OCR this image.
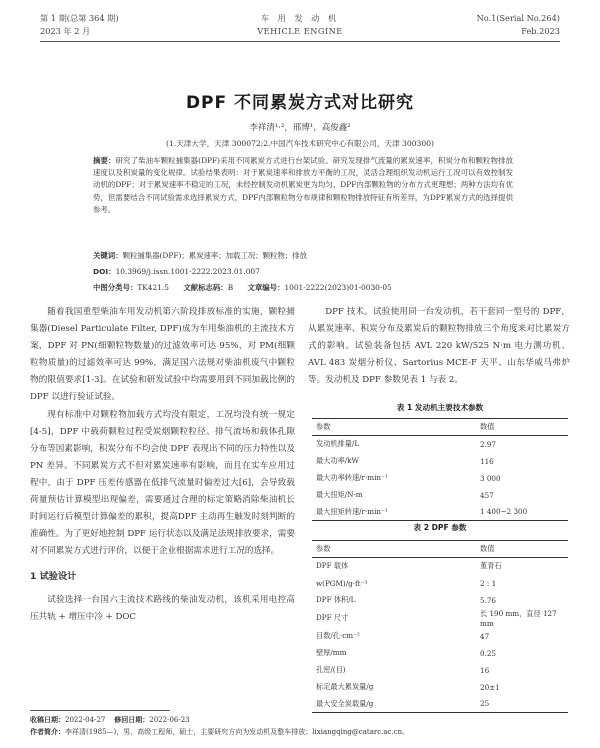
第 1 期(总第 364 期)
2023 年 2 月
车 用 发 动 机
VEHICLE ENGINE
No.1(Serial No.264)
Feb.2023
DPF 不同累炭方式对比研究
李祥清¹·²，邢博¹，高俊鑫²
(1.天津大学，天津 300072;2.中国汽车技术研究中心有限公司，天津 300300)
摘要：研究了柴油车颗粒捕集器(DPF)采用不同累炭方式进行台架试验。研究发现排气流量的累炭速率，积炭分布和颗粒物排放速度以及积炭量的变化规律。试验结果表明：对于累炭速率和排放方平衡的工况，灵活合理组织发动机运行工况可以有效控制发动机的DPF；对于累炭速率不稳定的工况，未经控制发动机累炭更为均匀，DPF内部颗粒物的分布方式更理想；两种方法均有优势，但需要结合不同试验需求选择累炭方式，DPF内部颗粒物分布规律和颗粒物排放特征有所差异，为DPF累炭方式的选择提供参考。
关键词：颗粒捕集器(DPF)；累炭速率；加载工况；颗粒物；排放
DOI：10.3969/j.issn.1001-2222.2023.01.007
中图分类号：TK421.5 文献标志码：B 文章编号：1001-2222(2023)01-0030-05

随着我国重型柴油车用发动机第六阶段排放标准的实施，颗粒捕集器(Diesel Particulate Filter, DPF)成为车用柴油机的主流技术方案，DPF 对 PN(细颗粒物数量)的过滤效率可达 95%，对 PM(细颗粒物质量)的过滤效率可达 99%，满足国六法规对柴油机废气中颗粒物的限值要求[1-3]。在试验和研发试验中均需要用到不同加载比例的 DPF 以进行验证试验。

现有标准中对颗粒物加载方式均没有限定，工况均没有统一规定[4-5]，DPF 中载荷颗粒过程受炭烟颗粒粒径、排气流场和载体孔隙分布等因素影响，积炭分布不均会使 DPF 表现出不同的压力特性以及 PN 差异。不同累炭方式不但对累炭速率有影响，而且在实车应用过程中，由于 DPF 压差传感器在低排气流量时偏差过大[6]，会导致载荷量预估计算模型出现偏差，需要通过合理的标定策略消除柴油机长时间运行后模型计算偏差的累积，提高DPF 主动再生触发时刻判断的准确性。为了更好地控制 DPF 运行状态以及满足法规排放要求，需要对不同累炭方式进行评价，以便于企业根据需求进行工况的选择。

1 试验设计

试验选择一台国六主流技术路线的柴油发动机，该机采用电控高压共轨 + 增压中冷 + DOC

DPF 技术。试验使用同一台发动机，若干套同一型号的 DPF，从累炭速率、积炭分布及累炭后的颗粒物排放三个角度来对比累炭方式的影响。试验装备包括 AVL 220 kW/525 N·m 电力测功机、AVL 483 炭烟分析仪、Sartorius MCE-F 天平、山东华威马弗炉等。发动机及 DPF 参数见表 1 与表 2。

表 1 发动机主要技术参数
参数	数值
发动机排量/L	2.97
最大功率/kW	116
最大功率转速/r·min⁻¹	3 000
最大扭矩/N·m	457
最大扭矩转速/r·min⁻¹	1 400~2 300
表 2 DPF 参数
参数	数值
DPF 载体	堇青石
w(PGM)/g·ft⁻³	2 : 1
DPF 体积/L	5.76
DPF 尺寸	长 190 mm，直径 127 mm
目数/孔·cm⁻²	47
壁厚/mm	0.25
孔密/(目)	16
标定最大累炭量/g	20±1
最大安全炭载量/g	25
收稿日期：2022-04-27 修回日期：2022-06-23
作者简介：李祥清(1985—)，男，高级工程师，硕士，主要研究方向为发动机及整车排放；lixiangqing@catarc.ac.cn。
